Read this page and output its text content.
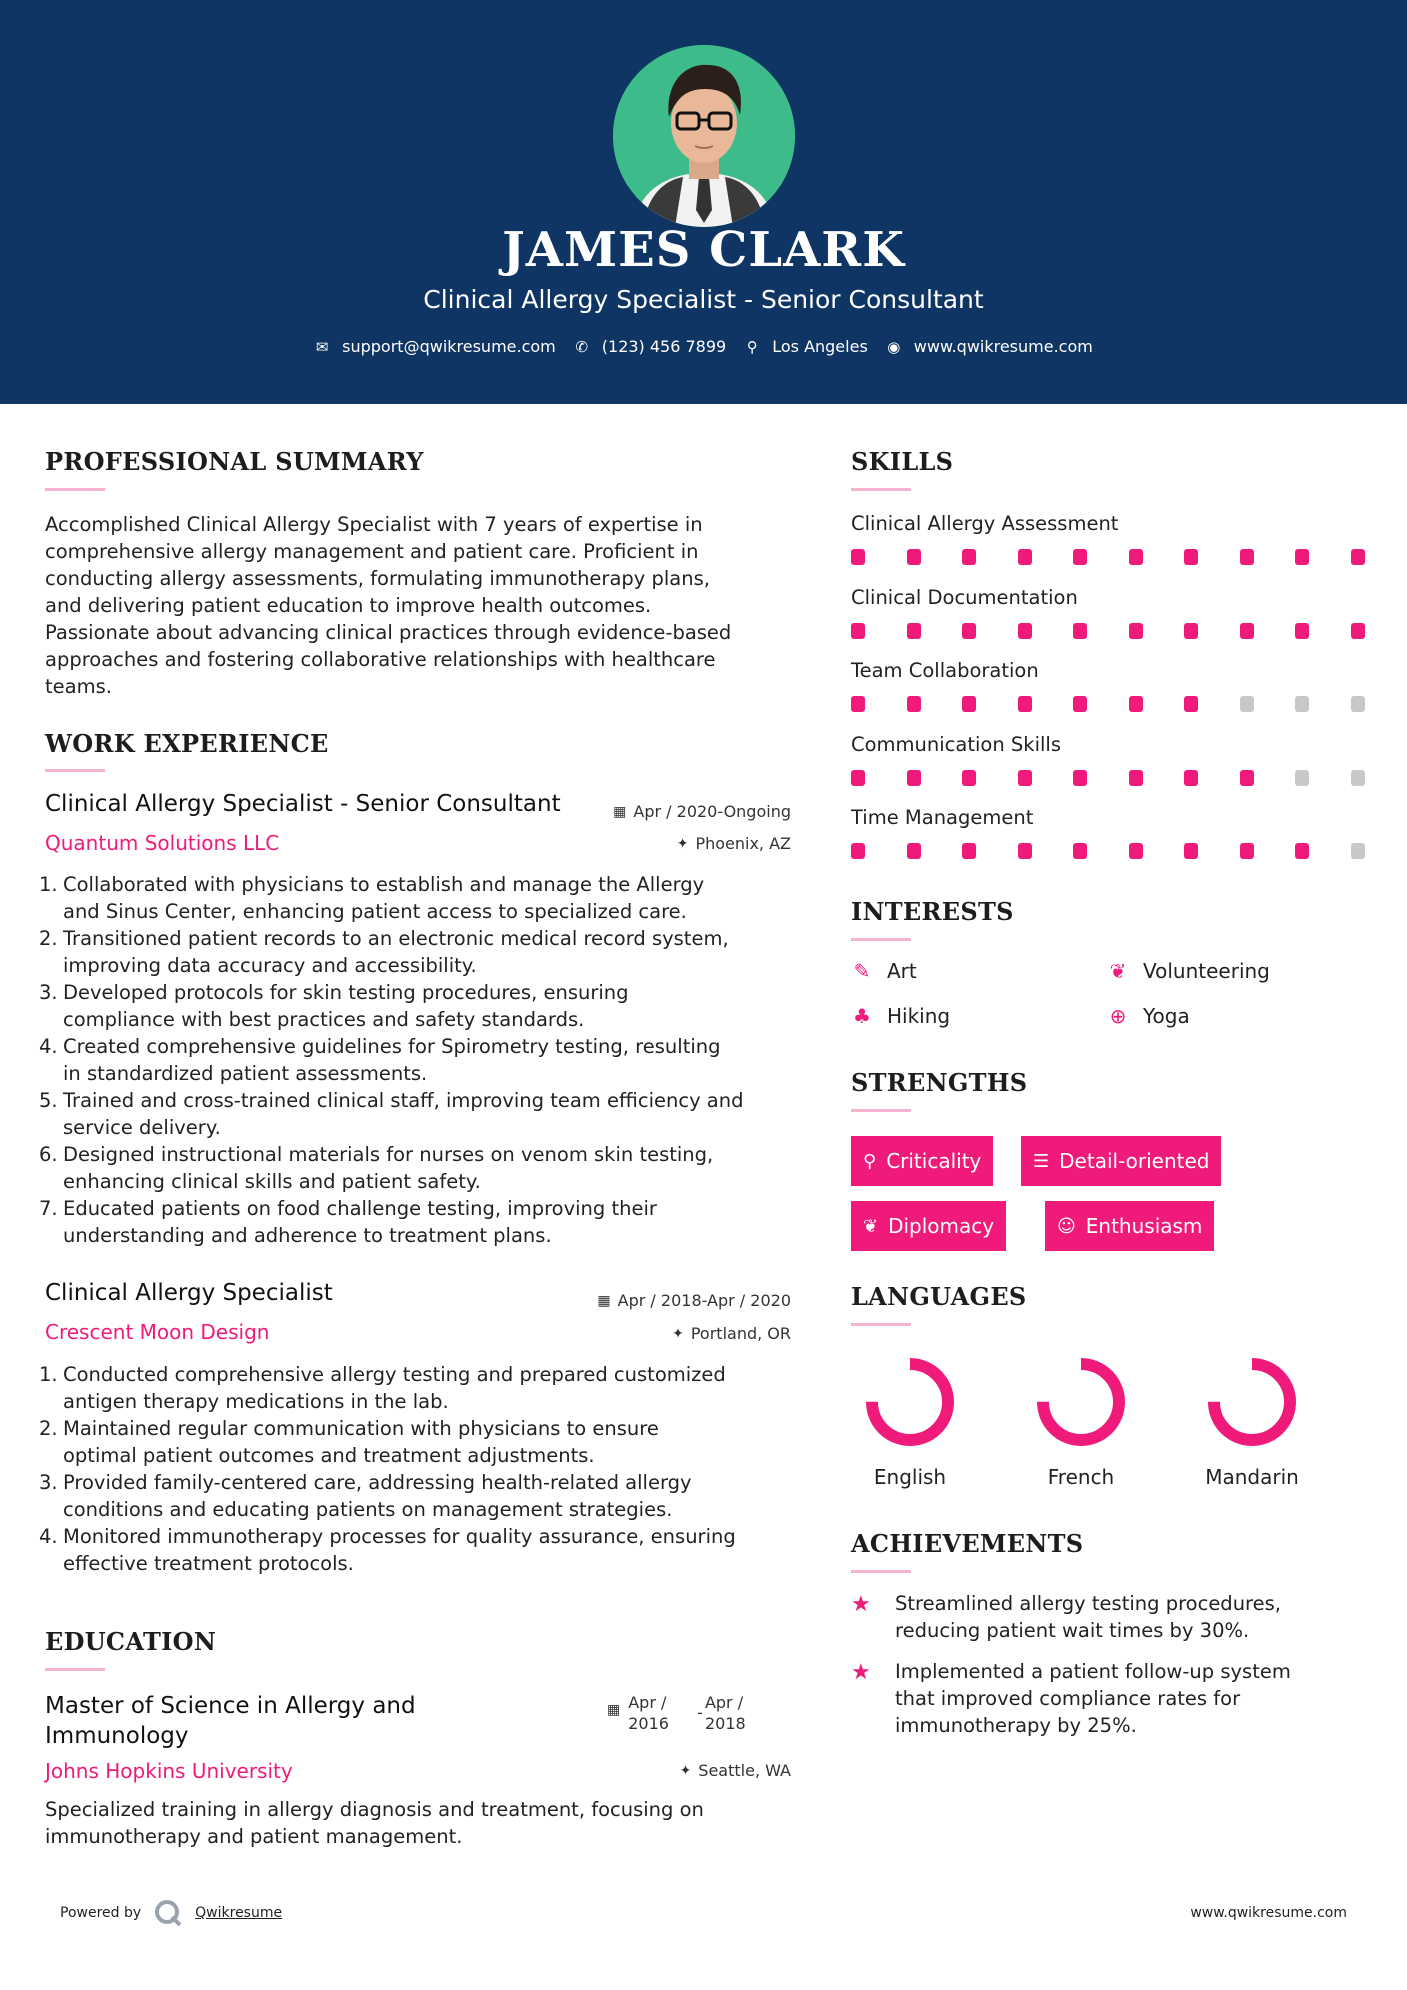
JAMES CLARK
Clinical Allergy Specialist - Senior Consultant
✉ support@qwikresume.com ✆ (123) 456 7899 ⚲ Los Angeles ◉ www.qwikresume.com
PROFESSIONAL SUMMARY
Accomplished Clinical Allergy Specialist with 7 years of expertise in
comprehensive allergy management and patient care. Proficient in
conducting allergy assessments, formulating immunotherapy plans,
and delivering patient education to improve health outcomes.
Passionate about advancing clinical practices through evidence-based
approaches and fostering collaborative relationships with healthcare
teams.
WORK EXPERIENCE
Clinical Allergy Specialist - Senior Consultant
Quantum Solutions LLC
▦ Apr / 2020-Ongoing
✦ Phoenix, AZ
1. Collaborated with physicians to establish and manage the Allergy
and Sinus Center, enhancing patient access to specialized care.
2. Transitioned patient records to an electronic medical record system,
improving data accuracy and accessibility.
3. Developed protocols for skin testing procedures, ensuring
compliance with best practices and safety standards.
4. Created comprehensive guidelines for Spirometry testing, resulting
in standardized patient assessments.
5. Trained and cross-trained clinical staff, improving team efficiency and
service delivery.
6. Designed instructional materials for nurses on venom skin testing,
enhancing clinical skills and patient safety.
7. Educated patients on food challenge testing, improving their
understanding and adherence to treatment plans.
Clinical Allergy Specialist
Crescent Moon Design
▦ Apr / 2018-Apr / 2020
✦ Portland, OR
1. Conducted comprehensive allergy testing and prepared customized
antigen therapy medications in the lab.
2. Maintained regular communication with physicians to ensure
optimal patient outcomes and treatment adjustments.
3. Provided family-centered care, addressing health-related allergy
conditions and educating patients on management strategies.
4. Monitored immunotherapy processes for quality assurance, ensuring
effective treatment protocols.
EDUCATION
Master of Science in Allergy and
Immunology
▦ Apr /
2016
-
Apr /
2018
Johns Hopkins University	✦ Seattle, WA
Specialized training in allergy diagnosis and treatment, focusing on
immunotherapy and patient management.
SKILLS
Clinical Allergy Assessment
Clinical Documentation
Team Collaboration
Communication Skills
Time Management
INTERESTS
✎ Art	❦ Volunteering
♣ Hiking	⊕ Yoga
STRENGTHS
⚲ Criticality	☰ Detail-oriented
❦ Diplomacy	☺ Enthusiasm
LANGUAGES
English	French	Mandarin
ACHIEVEMENTS
★	Streamlined allergy testing procedures,
reducing patient wait times by 30%.
★	Implemented a patient follow-up system
that improved compliance rates for
immunotherapy by 25%.
Powered by	Qwikresume	www.qwikresume.com
